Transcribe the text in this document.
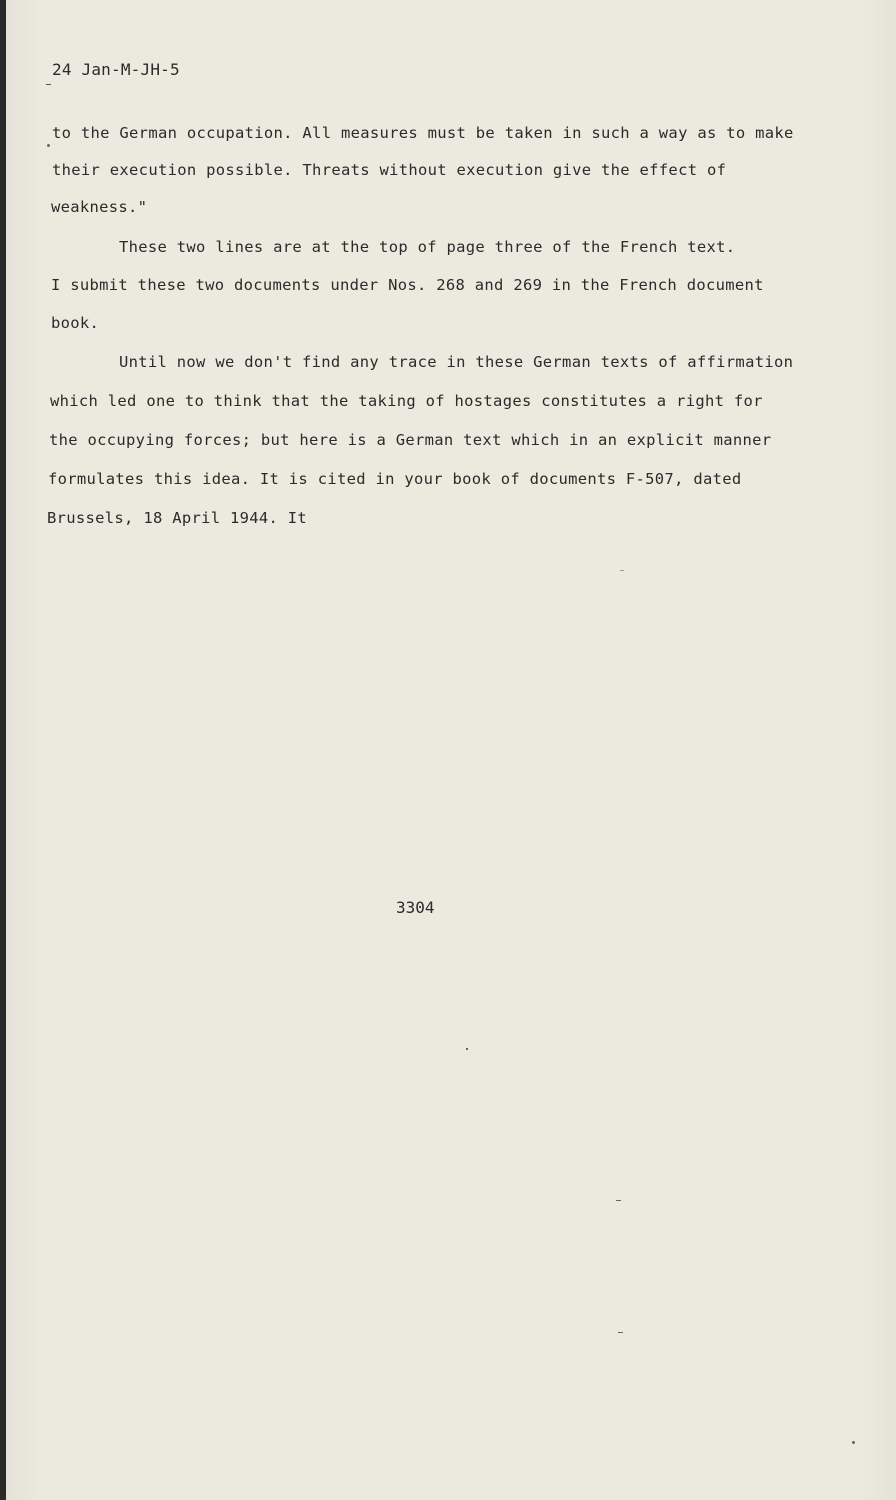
24 Jan-M-JH-5
to the German occupation. All measures must be taken in such a way as to make
their execution possible. Threats without execution give the effect of
weakness."
These two lines are at the top of page three of the French text.
I submit these two documents under Nos. 268 and 269 in the French document
book.
Until now we don't find any trace in these German texts of affirmation
which led one to think that the taking of hostages constitutes a right for
the occupying forces; but here is a German text which in an explicit manner
formulates this idea. It is cited in your book of documents F-507, dated
Brussels, 18 April 1944. It
3304
